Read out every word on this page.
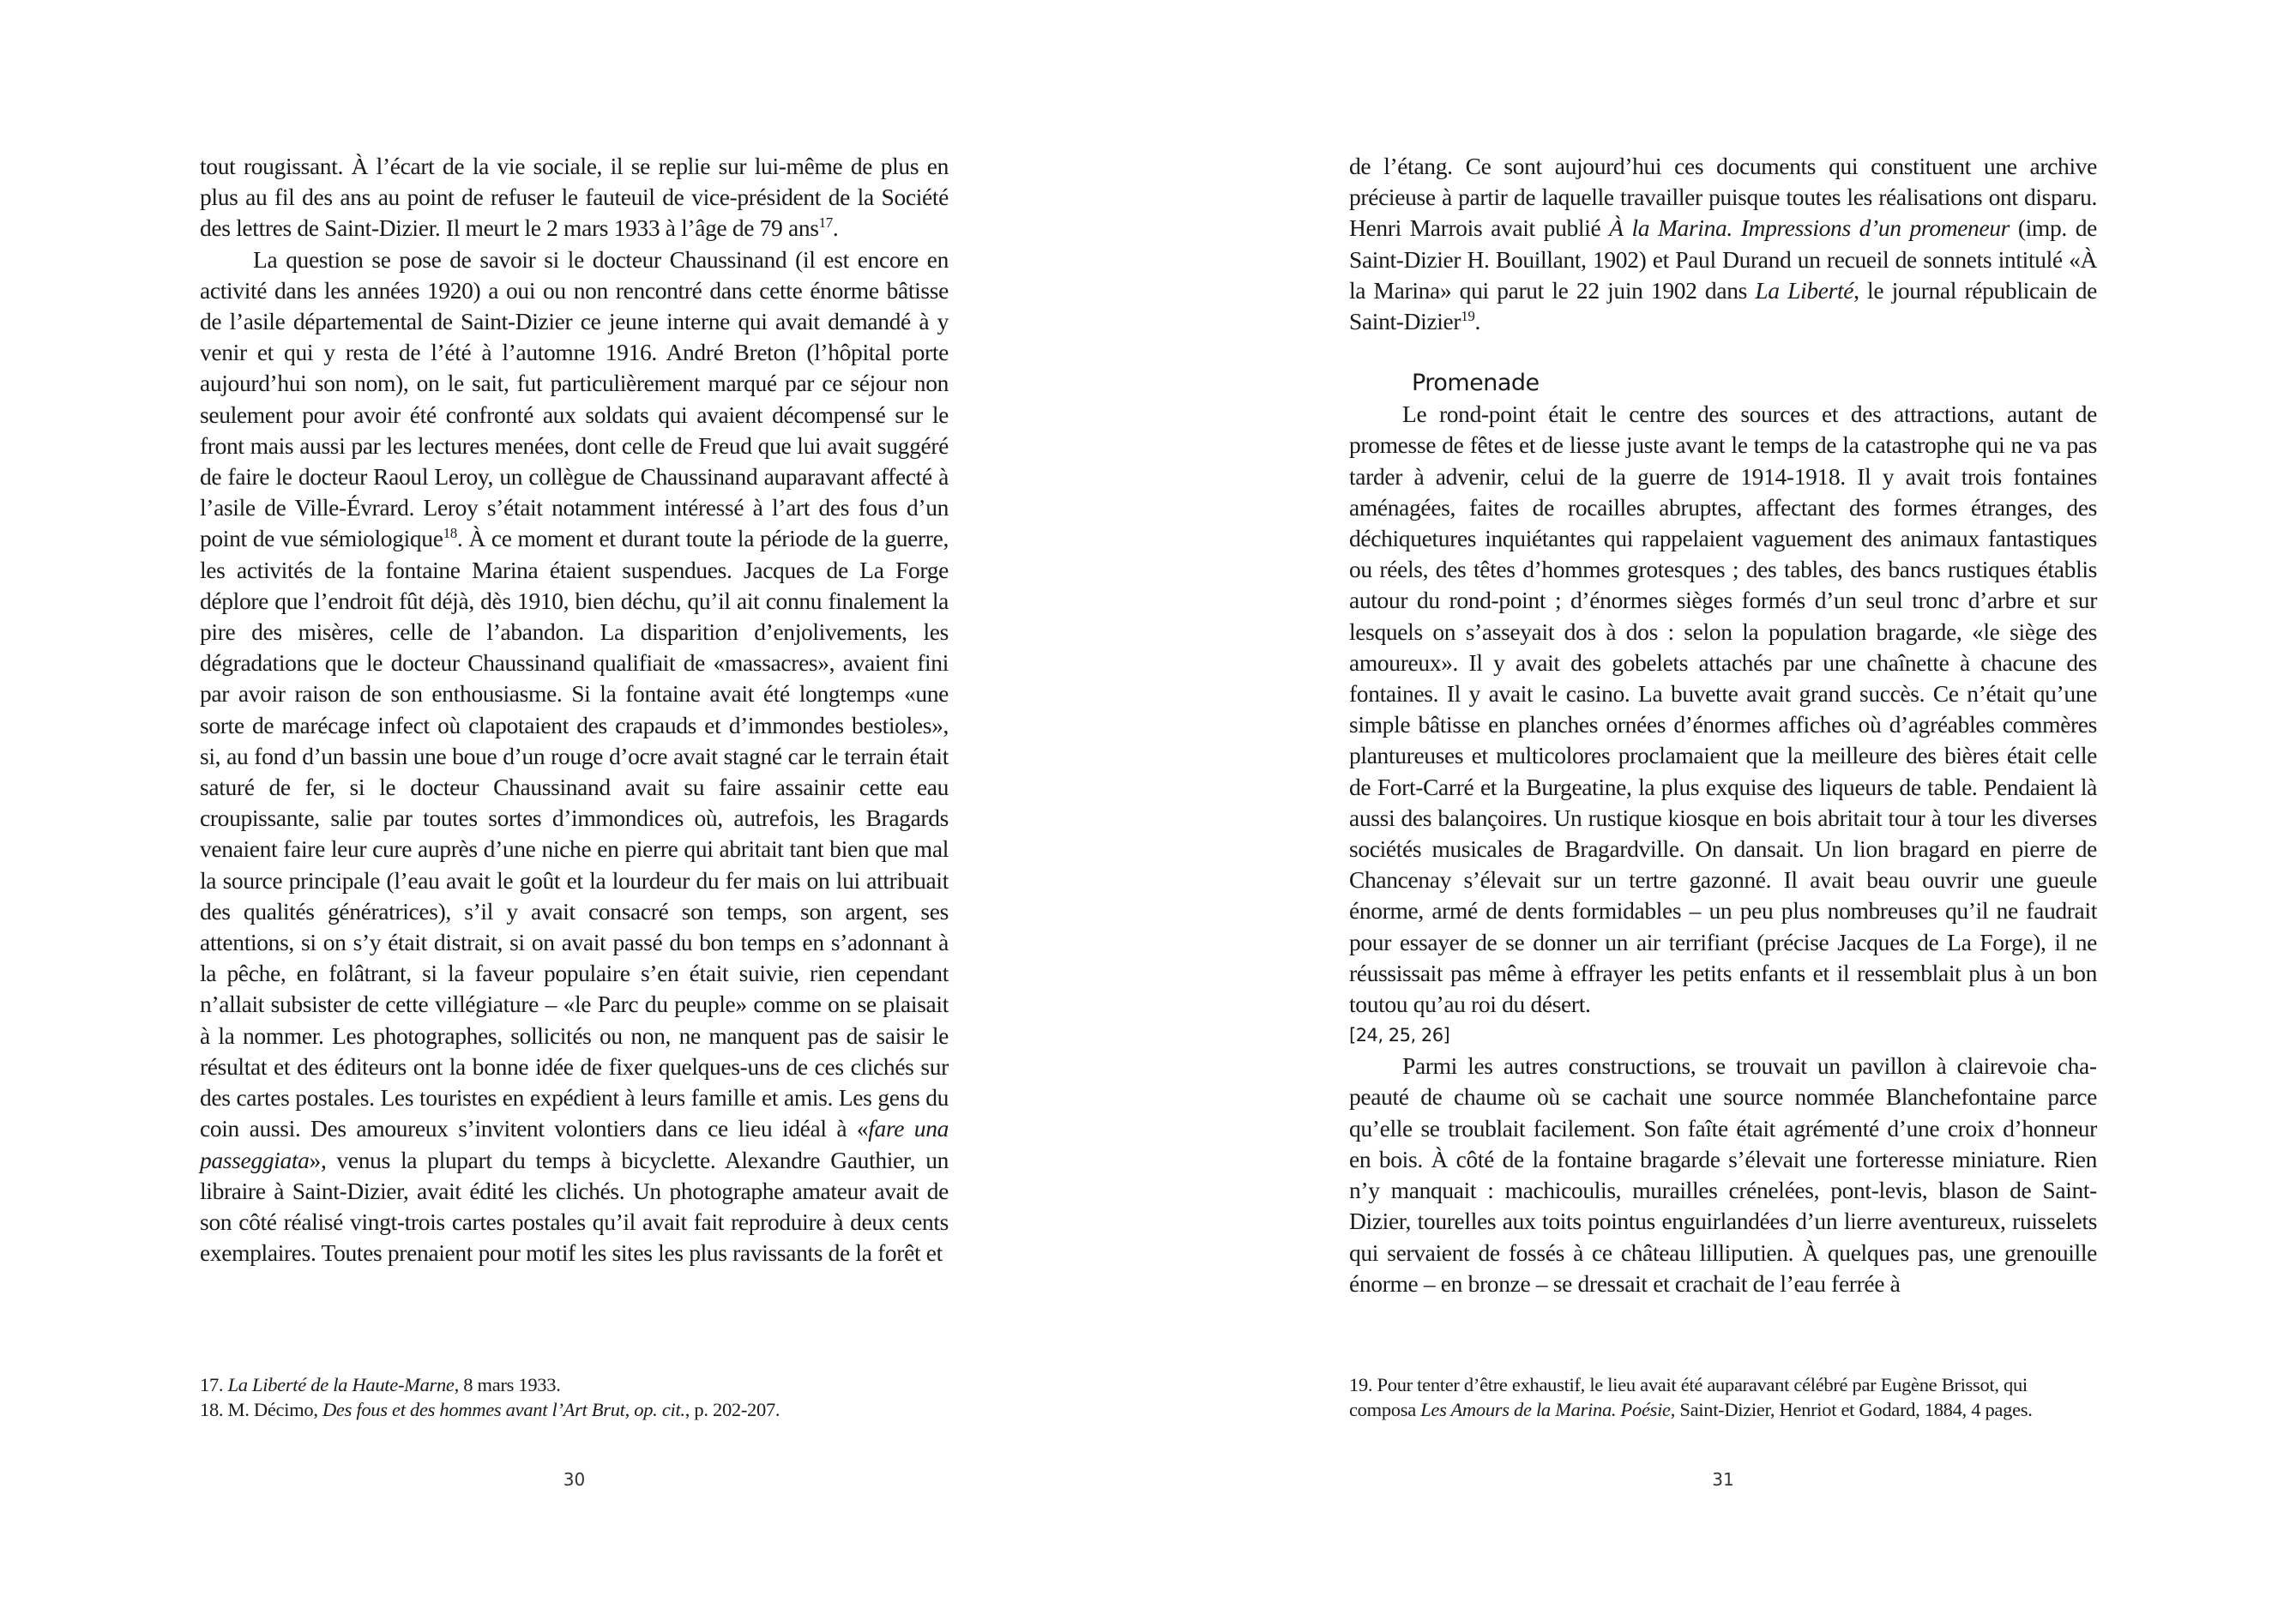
tout rougissant. À l’écart de la vie sociale, il se replie sur lui-même de plus en plus au fil des ans au point de refuser le fauteuil de vice-président de la Société des lettres de Saint-Dizier. Il meurt le 2 mars 1933 à l’âge de 79 ans$^{17}$.

La question se pose de savoir si le docteur Chaussinand (il est encore en activité dans les années 1920) a oui ou non rencontré dans cette énorme bâtisse de l’asile départemental de Saint-Dizier ce jeune interne qui avait demandé à y venir et qui y resta de l’été à l’automne 1916. André Breton (l’hôpital porte aujourd’hui son nom), on le sait, fut particulièrement marqué par ce séjour non seulement pour avoir été confronté aux soldats qui avaient décompensé sur le front mais aussi par les lectures menées, dont celle de Freud que lui avait suggéré de faire le docteur Raoul Leroy, un collègue de Chaussinand auparavant affecté à l’asile de Ville-Évrard. Leroy s’était notamment intéressé à l’art des fous d’un point de vue sémiologique$^{18}$. À ce moment et durant toute la période de la guerre, les activités de la fontaine Marina étaient suspendues. Jacques de La Forge déplore que l’endroit fût déjà, dès 1910, bien déchu, qu’il ait connu finalement la pire des misères, celle de l’abandon. La disparition d’enjolivements, les dégradations que le docteur Chaussinand qualifiait de «massacres», avaient fini par avoir raison de son enthousiasme. Si la fontaine avait été longtemps «une sorte de marécage infect où clapotaient des crapauds et d’immondes bestioles», si, au fond d’un bassin une boue d’un rouge d’ocre avait stagné car le terrain était saturé de fer, si le docteur Chaussinand avait su faire assainir cette eau croupissante, salie par toutes sortes d’immondices où, autrefois, les Bragards venaient faire leur cure auprès d’une niche en pierre qui abritait tant bien que mal la source principale (l’eau avait le goût et la lourdeur du fer mais on lui attribuait des qualités génératrices), s’il y avait consacré son temps, son argent, ses attentions, si on s’y était distrait, si on avait passé du bon temps en s’adonnant à la pêche, en folâtrant, si la faveur populaire s’en était suivie, rien cependant n’allait subsister de cette villégiature – «le Parc du peuple» comme on se plaisait à la nommer. Les photographes, sollicités ou non, ne manquent pas de saisir le résultat et des éditeurs ont la bonne idée de fixer quelques-uns de ces clichés sur des cartes postales. Les touristes en expédient à leurs famille et amis. Les gens du coin aussi. Des amoureux s’invitent volontiers dans ce lieu idéal à «fare una passeggiata», venus la plupart du temps à bicyclette. Alexandre Gauthier, un libraire à Saint-Dizier, avait édité les clichés. Un photographe amateur avait de son côté réalisé vingt-trois cartes postales qu’il avait fait reproduire à deux cents exemplaires. Toutes prenaient pour motif les sites les plus ravissants de la forêt et

17. La Liberté de la Haute-Marne, 8 mars 1933.

18. M. Décimo, Des fous et des hommes avant l’Art Brut, op. cit., p. 202-207.

30

de l’étang. Ce sont aujourd’hui ces documents qui constituent une archive précieuse à partir de laquelle travailler puisque toutes les réalisations ont disparu. Henri Marrois avait publié À la Marina. Impressions d’un promeneur (imp. de Saint-Dizier H. Bouillant, 1902) et Paul Durand un recueil de sonnets intitulé «À la Marina» qui parut le 22 juin 1902 dans La Liberté, le journal républicain de Saint-Dizier$^{19}$.

Promenade

Le rond-point était le centre des sources et des attractions, autant de promesse de fêtes et de liesse juste avant le temps de la catastrophe qui ne va pas tarder à advenir, celui de la guerre de 1914-1918. Il y avait trois fontaines aménagées, faites de rocailles abruptes, affectant des formes étranges, des déchiquetures inquiétantes qui rappelaient vaguement des animaux fantastiques ou réels, des têtes d’hommes grotesques ; des tables, des bancs rustiques établis autour du rond-point ; d’énormes sièges formés d’un seul tronc d’arbre et sur lesquels on s’asseyait dos à dos : selon la population bragarde, «le siège des amoureux». Il y avait des gobelets attachés par une chaînette à chacune des fontaines. Il y avait le casino. La buvette avait grand succès. Ce n’était qu’une simple bâtisse en planches ornées d’énormes affiches où d’agréables commères plantureuses et multicolores proclamaient que la meilleure des bières était celle de Fort-Carré et la Burgeatine, la plus exquise des liqueurs de table. Pendaient là aussi des balançoires. Un rustique kiosque en bois abritait tour à tour les diverses sociétés musicales de Bragardville. On dansait. Un lion bragard en pierre de Chancenay s’élevait sur un tertre gazonné. Il avait beau ouvrir une gueule énorme, armé de dents formidables – un peu plus nombreuses qu’il ne faudrait pour essayer de se donner un air terrifiant (précise Jacques de La Forge), il ne réussissait pas même à effrayer les petits enfants et il ressemblait plus à un bon toutou qu’au roi du désert.

[24, 25, 26]

Parmi les autres constructions, se trouvait un pavillon à clairevoie chapeauté de chaume où se cachait une source nommée Blanchefontaine parce qu’elle se troublait facilement. Son faîte était agrémenté d’une croix d’honneur en bois. À côté de la fontaine bragarde s’élevait une forteresse miniature. Rien n’y manquait : machicoulis, murailles crénelées, pont-levis, blason de Saint-Dizier, tourelles aux toits pointus enguirlandées d’un lierre aventureux, ruisselets qui servaient de fossés à ce château lilliputien. À quelques pas, une grenouille énorme – en bronze – se dressait et crachait de l’eau ferrée à

19. Pour tenter d’être exhaustif, le lieu avait été auparavant célébré par Eugène Brissot, qui composa Les Amours de la Marina. Poésie, Saint-Dizier, Henriot et Godard, 1884, 4 pages.

31
